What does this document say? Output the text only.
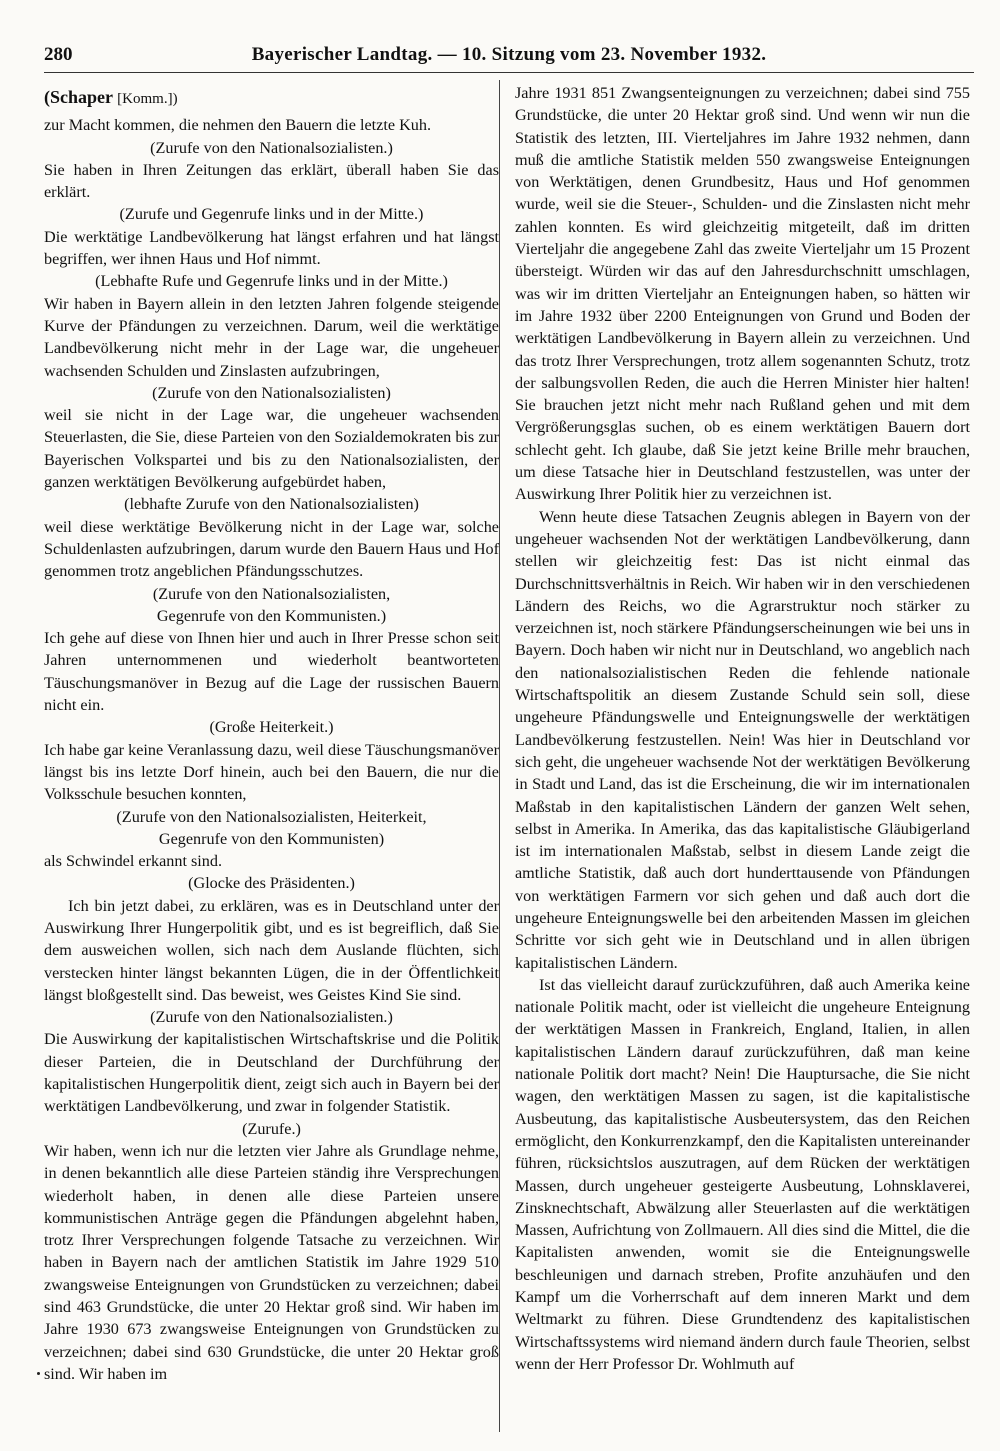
280	Bayerischer Landtag. — 10. Sitzung vom 23. November 1932.
(Schaper [Komm.])

zur Macht kommen, die nehmen den Bauern die letzte Kuh.

(Zurufe von den Nationalsozialisten.)

Sie haben in Ihren Zeitungen das erklärt, überall haben Sie das erklärt.

(Zurufe und Gegenrufe links und in der Mitte.)

Die werktätige Landbevölkerung hat längst erfahren und hat längst begriffen, wer ihnen Haus und Hof nimmt.

(Lebhafte Rufe und Gegenrufe links und in der Mitte.)

Wir haben in Bayern allein in den letzten Jahren folgende steigende Kurve der Pfändungen zu verzeichnen. Darum, weil die werktätige Landbevölkerung nicht mehr in der Lage war, die ungeheuer wachsenden Schulden und Zinslasten aufzubringen,

(Zurufe von den Nationalsozialisten)

weil sie nicht in der Lage war, die ungeheuer wachsenden Steuerlasten, die Sie, diese Parteien von den Sozialdemokraten bis zur Bayerischen Volkspartei und bis zu den Nationalsozialisten, der ganzen werktätigen Bevölkerung aufgebürdet haben,

(lebhafte Zurufe von den Nationalsozialisten)

weil diese werktätige Bevölkerung nicht in der Lage war, solche Schuldenlasten aufzubringen, darum wurde den Bauern Haus und Hof genommen trotz angeblichen Pfändungsschutzes.

(Zurufe von den Nationalsozialisten,

Gegenrufe von den Kommunisten.)

Ich gehe auf diese von Ihnen hier und auch in Ihrer Presse schon seit Jahren unternommenen und wiederholt beantworteten Täuschungsmanöver in Bezug auf die Lage der russischen Bauern nicht ein.

(Große Heiterkeit.)

Ich habe gar keine Veranlassung dazu, weil diese Täuschungsmanöver längst bis ins letzte Dorf hinein, auch bei den Bauern, die nur die Volksschule besuchen konnten,

(Zurufe von den Nationalsozialisten, Heiterkeit,

Gegenrufe von den Kommunisten)

als Schwindel erkannt sind.

(Glocke des Präsidenten.)

Ich bin jetzt dabei, zu erklären, was es in Deutschland unter der Auswirkung Ihrer Hungerpolitik gibt, und es ist begreiflich, daß Sie dem ausweichen wollen, sich nach dem Auslande flüchten, sich verstecken hinter längst bekannten Lügen, die in der Öffentlichkeit längst bloßgestellt sind. Das beweist, wes Geistes Kind Sie sind.

(Zurufe von den Nationalsozialisten.)

Die Auswirkung der kapitalistischen Wirtschaftskrise und die Politik dieser Parteien, die in Deutschland der Durchführung der kapitalistischen Hungerpolitik dient, zeigt sich auch in Bayern bei der werktätigen Landbevölkerung, und zwar in folgender Statistik.

(Zurufe.)

Wir haben, wenn ich nur die letzten vier Jahre als Grundlage nehme, in denen bekanntlich alle diese Parteien ständig ihre Versprechungen wiederholt haben, in denen alle diese Parteien unsere kommunistischen Anträge gegen die Pfändungen abgelehnt haben, trotz Ihrer Versprechungen folgende Tatsache zu verzeichnen. Wir haben in Bayern nach der amtlichen Statistik im Jahre 1929 510 zwangsweise Enteignungen von Grundstücken zu verzeichnen; dabei sind 463 Grundstücke, die unter 20 Hektar groß sind. Wir haben im Jahre 1930 673 zwangsweise Enteignungen von Grundstücken zu verzeichnen; dabei sind 630 Grundstücke, die unter 20 Hektar groß sind. Wir haben im

Jahre 1931 851 Zwangsenteignungen zu verzeichnen; dabei sind 755 Grundstücke, die unter 20 Hektar groß sind. Und wenn wir nun die Statistik des letzten, III. Vierteljahres im Jahre 1932 nehmen, dann muß die amtliche Statistik melden 550 zwangsweise Enteignungen von Werktätigen, denen Grundbesitz, Haus und Hof genommen wurde, weil sie die Steuer-, Schulden- und die Zinslasten nicht mehr zahlen konnten. Es wird gleichzeitig mitgeteilt, daß im dritten Vierteljahr die angegebene Zahl das zweite Vierteljahr um 15 Prozent übersteigt. Würden wir das auf den Jahresdurchschnitt umschlagen, was wir im dritten Vierteljahr an Enteignungen haben, so hätten wir im Jahre 1932 über 2200 Enteignungen von Grund und Boden der werktätigen Landbevölkerung in Bayern allein zu verzeichnen. Und das trotz Ihrer Versprechungen, trotz allem sogenannten Schutz, trotz der salbungsvollen Reden, die auch die Herren Minister hier halten! Sie brauchen jetzt nicht mehr nach Rußland gehen und mit dem Vergrößerungsglas suchen, ob es einem werktätigen Bauern dort schlecht geht. Ich glaube, daß Sie jetzt keine Brille mehr brauchen, um diese Tatsache hier in Deutschland festzustellen, was unter der Auswirkung Ihrer Politik hier zu verzeichnen ist.

Wenn heute diese Tatsachen Zeugnis ablegen in Bayern von der ungeheuer wachsenden Not der werktätigen Landbevölkerung, dann stellen wir gleichzeitig fest: Das ist nicht einmal das Durchschnittsverhältnis in Reich. Wir haben wir in den verschiedenen Ländern des Reichs, wo die Agrarstruktur noch stärker zu verzeichnen ist, noch stärkere Pfändungserscheinungen wie bei uns in Bayern. Doch haben wir nicht nur in Deutschland, wo angeblich nach den nationalsozialistischen Reden die fehlende nationale Wirtschaftspolitik an diesem Zustande Schuld sein soll, diese ungeheure Pfändungswelle und Enteignungswelle der werktätigen Landbevölkerung festzustellen. Nein! Was hier in Deutschland vor sich geht, die ungeheuer wachsende Not der werktätigen Bevölkerung in Stadt und Land, das ist die Erscheinung, die wir im internationalen Maßstab in den kapitalistischen Ländern der ganzen Welt sehen, selbst in Amerika. In Amerika, das das kapitalistische Gläubigerland ist im internationalen Maßstab, selbst in diesem Lande zeigt die amtliche Statistik, daß auch dort hunderttausende von Pfändungen von werktätigen Farmern vor sich gehen und daß auch dort die ungeheure Enteignungswelle bei den arbeitenden Massen im gleichen Schritte vor sich geht wie in Deutschland und in allen übrigen kapitalistischen Ländern.

Ist das vielleicht darauf zurückzuführen, daß auch Amerika keine nationale Politik macht, oder ist vielleicht die ungeheure Enteignung der werktätigen Massen in Frankreich, England, Italien, in allen kapitalistischen Ländern darauf zurückzuführen, daß man keine nationale Politik dort macht? Nein! Die Hauptursache, die Sie nicht wagen, den werktätigen Massen zu sagen, ist die kapitalistische Ausbeutung, das kapitalistische Ausbeutersystem, das den Reichen ermöglicht, den Konkurrenzkampf, den die Kapitalisten untereinander führen, rücksichtslos auszutragen, auf dem Rücken der werktätigen Massen, durch ungeheuer gesteigerte Ausbeutung, Lohnsklaverei, Zinsknechtschaft, Abwälzung aller Steuerlasten auf die werktätigen Massen, Aufrichtung von Zollmauern. All dies sind die Mittel, die die Kapitalisten anwenden, womit sie die Enteignungswelle beschleunigen und darnach streben, Profite anzuhäufen und den Kampf um die Vorherrschaft auf dem inneren Markt und dem Weltmarkt zu führen. Diese Grundtendenz des kapitalistischen Wirtschaftssystems wird niemand ändern durch faule Theorien, selbst wenn der Herr Professor Dr. Wohlmuth auf
